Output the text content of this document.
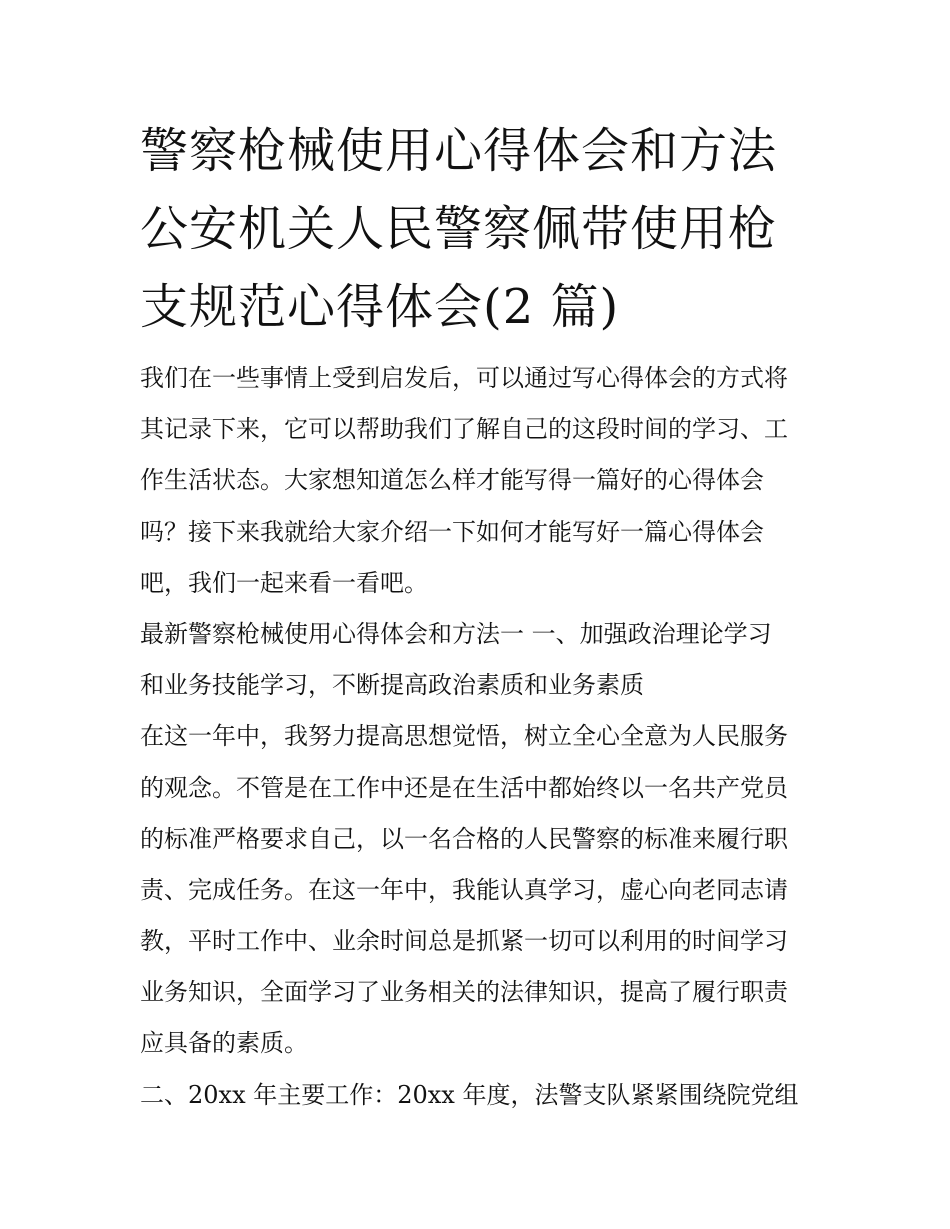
警察枪械使用心得体会和方法
公安机关人民警察佩带使用枪
支规范心得体会(2 篇)
我们在一些事情上受到启发后，可以通过写心得体会的方式将
其记录下来，它可以帮助我们了解自己的这段时间的学习、工
作生活状态。大家想知道怎么样才能写得一篇好的心得体会
吗？接下来我就给大家介绍一下如何才能写好一篇心得体会
吧，我们一起来看一看吧。
最新警察枪械使用心得体会和方法一 一、加强政治理论学习
和业务技能学习，不断提高政治素质和业务素质
在这一年中，我努力提高思想觉悟，树立全心全意为人民服务
的观念。不管是在工作中还是在生活中都始终以一名共产党员
的标准严格要求自己，以一名合格的人民警察的标准来履行职
责、完成任务。在这一年中，我能认真学习，虚心向老同志请
教，平时工作中、业余时间总是抓紧一切可以利用的时间学习
业务知识，全面学习了业务相关的法律知识，提高了履行职责
应具备的素质。
二、20xx 年主要工作：20xx 年度，法警支队紧紧围绕院党组
